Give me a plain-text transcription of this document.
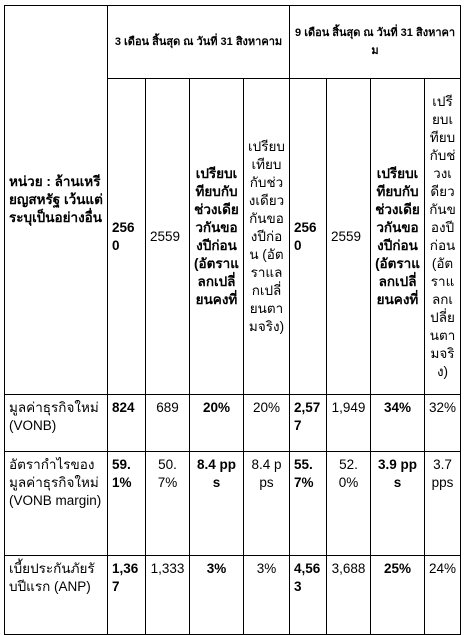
หน่วย : ล้านเหรียญสหรัฐ เว้นแต่ระบุเป็นอย่างอื่น	3 เดือน สิ้นสุด ณ วันที่ 31 สิงหาคาม				9 เดือน สิ้นสุด ณ วันที่ 31 สิงหาคาม			
	2560	2559	เปรียบเทียบกับช่วงเดียวกันของปีก่อน (อัตราแลกเปลี่ยนคงที่	เปรียบเทียบกับช่วงเดียวกันของปีก่อน (อัตราแลกเปลี่ยนตามจริง)	2560	2559	เปรียบเทียบกับช่วงเดียวกันของปีก่อน (อัตราแลกเปลี่ยนคงที่	เปรียบเทียบกับช่วงเดียวกันของปีก่อน (อัตราแลกเปลี่ยนตามจริง)
มูลค่าธุรกิจใหม่ (VONB)	824	689	20%	20%	2,577	1,949	34%	32%
อัตรากำไรของมูลค่าธุรกิจใหม่ (VONB margin)	59.1%	50.7%	8.4 pps	8.4 pps	55.7%	52.0%	3.9 pps	3.7 pps
เบี้ยประกันภัยรับปีแรก (ANP)	1,367	1,333	3%	3%	4,563	3,688	25%	24%
